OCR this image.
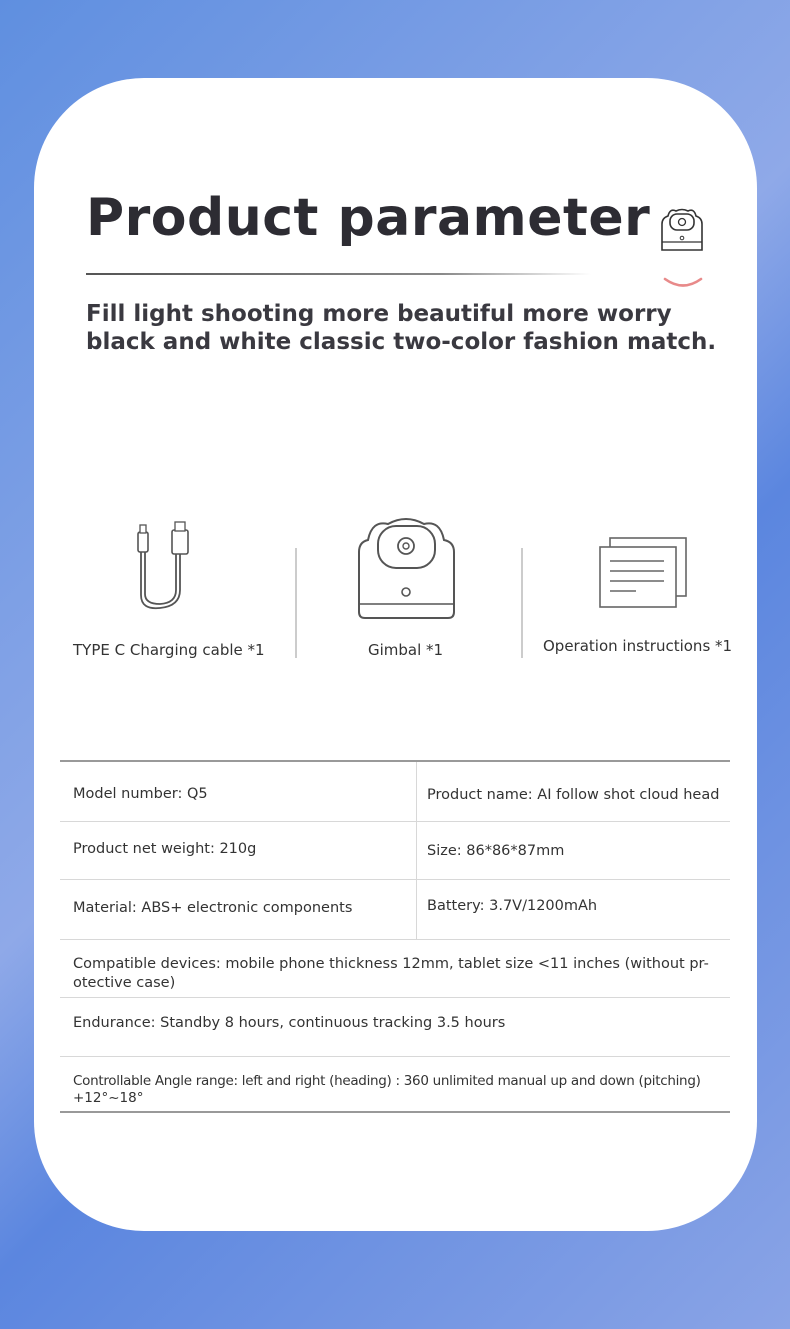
Product parameter
Fill light shooting more beautiful more worry
black and white classic two-color fashion match.
TYPE C Charging cable *1	Gimbal *1	Operation instructions *1
Model number: Q5	Product name: AI follow shot cloud head
Product net weight: 210g	Size: 86*86*87mm
Material: ABS+ electronic components	Battery: 3.7V/1200mAh
Compatible devices: mobile phone thickness 12mm, tablet size <11 inches (without pr-
otective case)
Endurance: Standby 8 hours, continuous tracking 3.5 hours
Controllable Angle range: left and right (heading) : 360 unlimited manual up and down (pitching)
+12°~18°
